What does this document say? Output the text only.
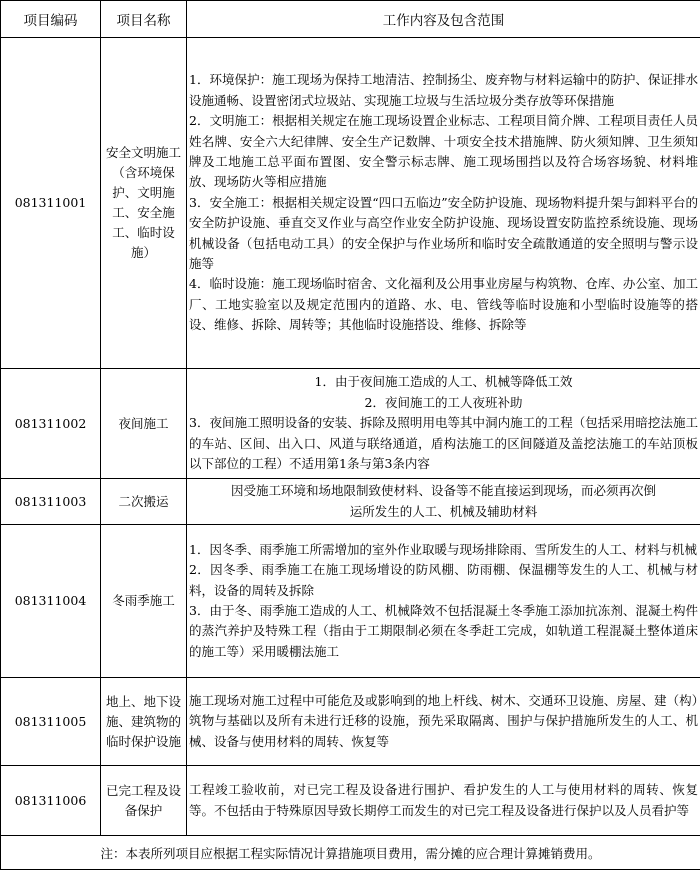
项目编码	项目名称	工作内容及包含范围
081311001	安全文明施工（含环境保护、文明施工、安全施工、临时设施）	1．环境保护：施工现场为保持工地清洁、控制扬尘、废弃物与材料运输中的防护、保证排水设施通畅、设置密闭式垃圾站、实现施工垃圾与生活垃圾分类存放等环保措施

2．文明施工：根据相关规定在施工现场设置企业标志、工程项目简介牌、工程项目责任人员姓名牌、安全六大纪律牌、安全生产记数牌、十项安全技术措施牌、防火须知牌、卫生须知牌及工地施工总平面布置图、安全警示标志牌、施工现场围挡以及符合场容场貌、材料堆放、现场防火等相应措施

3．安全施工：根据相关规定设置“四口五临边”安全防护设施、现场物料提升架与卸料平台的安全防护设施、垂直交叉作业与高空作业安全防护设施、现场设置安防监控系统设施、现场机械设备（包括电动工具）的安全保护与作业场所和临时安全疏散通道的安全照明与警示设施等

4．临时设施：施工现场临时宿舍、文化福利及公用事业房屋与构筑物、仓库、办公室、加工厂、工地实验室以及规定范围内的道路、水、电、管线等临时设施和小型临时设施等的搭设、维修、拆除、周转等；其他临时设施搭设、维修、拆除等

081311002	夜间施工	1．由于夜间施工造成的人工、机械等降低工效

2．夜间施工的工人夜班补助

3．夜间施工照明设备的安装、拆除及照明用电等其中洞内施工的工程（包括采用暗挖法施工的车站、区间、出入口、风道与联络通道，盾构法施工的区间隧道及盖挖法施工的车站顶板以下部位的工程）不适用第1条与第3条内容

081311003	二次搬运	因受施工环境和场地限制致使材料、设备等不能直接运到现场，而必须再次倒运所发生的人工、机械及辅助材料

081311004	冬雨季施工	1．因冬季、雨季施工所需增加的室外作业取暖与现场排除雨、雪所发生的人工、材料与机械

2．因冬季、雨季施工在施工现场增设的防风棚、防雨棚、保温棚等发生的人工、机械与材料，设备的周转及拆除

3．由于冬、雨季施工造成的人工、机械降效不包括混凝土冬季施工添加抗冻剂、混凝土构件的蒸汽养护及特殊工程（指由于工期限制必须在冬季赶工完成，如轨道工程混凝土整体道床的施工等）采用暖棚法施工

081311005	地上、地下设施、建筑物的临时保护设施	施工现场对施工过程中可能危及或影响到的地上杆线、树木、交通环卫设施、房屋、建（构）筑物与基础以及所有未进行迁移的设施，预先采取隔离、围护与保护措施所发生的人工、机械、设备与使用材料的周转、恢复等

081311006	已完工程及设备保护	工程竣工验收前，对已完工程及设备进行围护、看护发生的人工与使用材料的周转、恢复等。不包括由于特殊原因导致长期停工而发生的对已完工程及设备进行保护以及人员看护等

注：本表所列项目应根据工程实际情况计算措施项目费用，需分摊的应合理计算摊销费用。		
